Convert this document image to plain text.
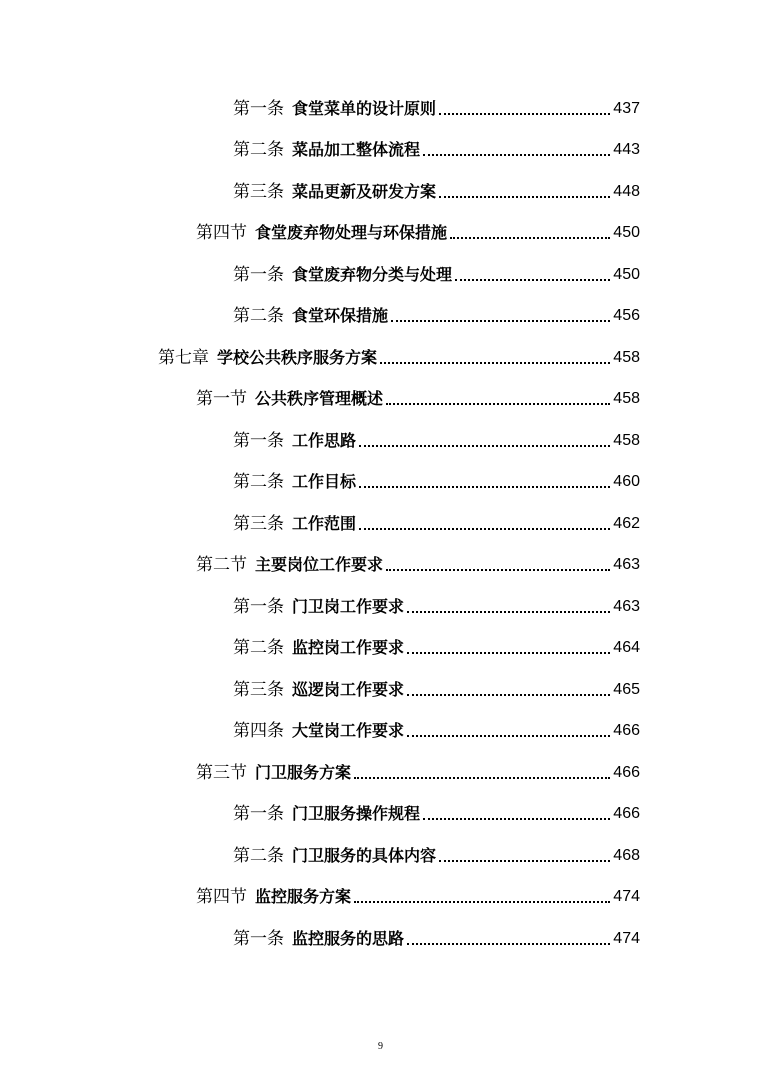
第一条 食堂菜单的设计原则	437
第二条 菜品加工整体流程	443
第三条 菜品更新及研发方案	448
第四节 食堂废弃物处理与环保措施	450
第一条 食堂废弃物分类与处理	450
第二条 食堂环保措施	456
第七章 学校公共秩序服务方案	458
第一节 公共秩序管理概述	458
第一条 工作思路	458
第二条 工作目标	460
第三条 工作范围	462
第二节 主要岗位工作要求	463
第一条 门卫岗工作要求	463
第二条 监控岗工作要求	464
第三条 巡逻岗工作要求	465
第四条 大堂岗工作要求	466
第三节 门卫服务方案	466
第一条 门卫服务操作规程	466
第二条 门卫服务的具体内容	468
第四节 监控服务方案	474
第一条 监控服务的思路	474
9
